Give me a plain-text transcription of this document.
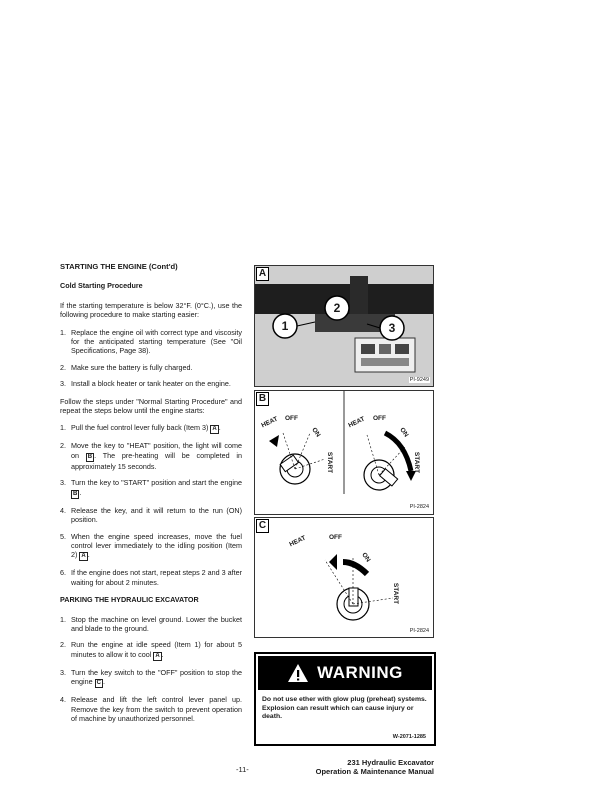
STARTING THE ENGINE (Cont'd)
Cold Starting Procedure

If the starting temperature is below 32°F. (0°C.), use the following procedure to make starting easier:

1. Replace the engine oil with correct type and viscosity for the anticipated starting temperature (See "Oil Specifications, Page 38).
2. Make sure the battery is fully charged.
3. Install a block heater or tank heater on the engine.

Follow the steps under "Normal Starting Procedure" and repeat the steps below until the engine starts:

1. Pull the fuel control lever fully back (Item 3) A .
2. Move the key to "HEAT" position, the light will come on B . The pre-heating will be completed in approximately 15 seconds.
3. Turn the key to "START" position and start the engine B .
4. Release the key, and it will return to the run (ON) position.
5. When the engine speed increases, move the fuel control lever immediately to the idling position (Item 2) A .
6. If the engine does not start, repeat steps 2 and 3 after waiting for about 2 minutes.
PARKING THE HYDRAULIC EXCAVATOR
1. Stop the machine on level ground. Lower the bucket and blade to the ground.
2. Run the engine at idle speed (Item 1) for about 5 minutes to allow it to cool A .
3. Turn the key switch to the "OFF" position to stop the engine C .
4. Release and lift the left control lever panel up. Remove the key from the switch to prevent operation of machine by unauthorized personnel.
A
1
2
3
PI-9249
B
HEAT OFF
ON
START
HEAT OFF
ON
START
PI-2824
C
HEAT	OFF
ON
START
PI-2824
WARNING
Do not use ether with glow plug (preheat) systems. Explosion can result which can cause injury or death.
W-2071-1285
-11-
231 Hydraulic Excavator
Operation & Maintenance Manual
